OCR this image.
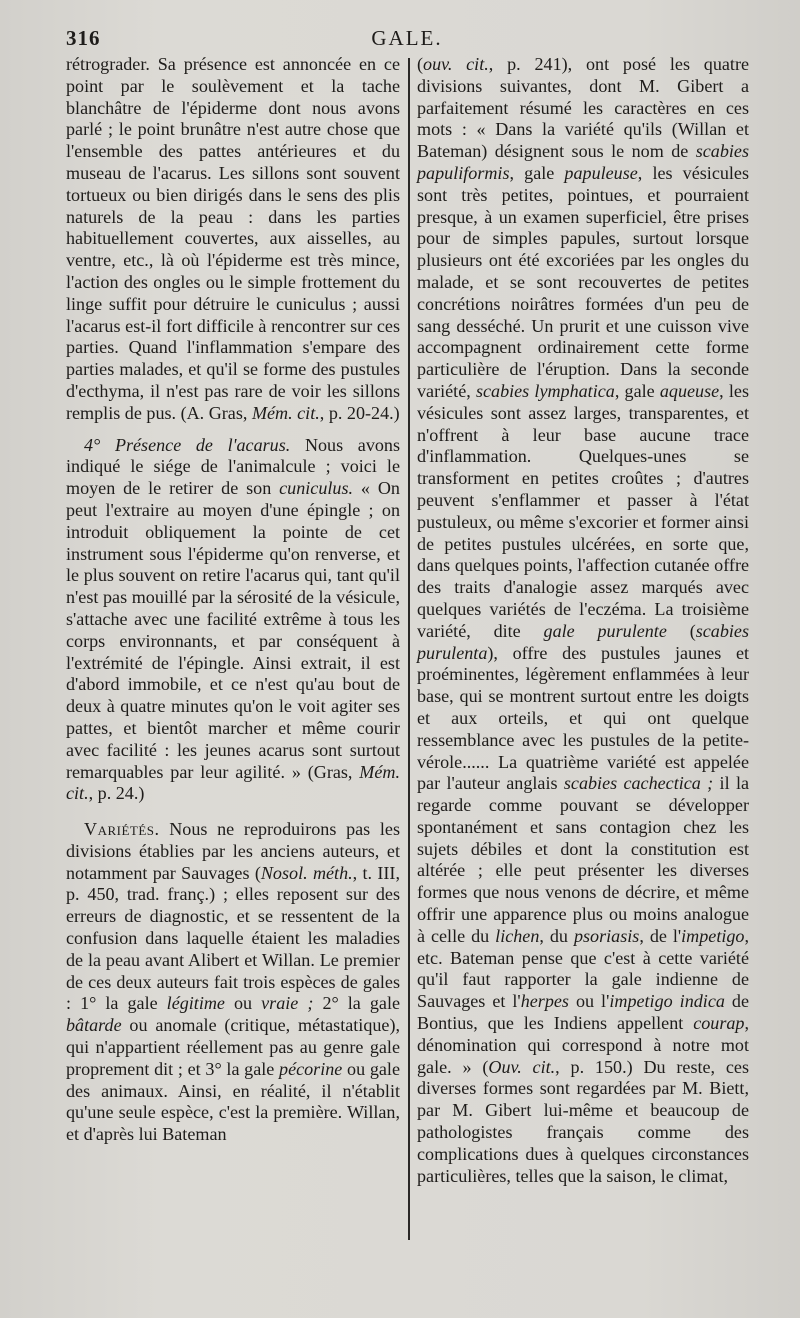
316	GALE.

rétrograder. Sa présence est annoncée en ce point par le soulèvement et la tache blanchâtre de l'épiderme dont nous avons parlé ; le point brunâtre n'est autre chose que l'ensemble des pattes antérieures et du museau de l'acarus. Les sillons sont souvent tortueux ou bien dirigés dans le sens des plis naturels de la peau : dans les parties habituellement couvertes, aux aisselles, au ventre, etc., là où l'épiderme est très mince, l'action des ongles ou le simple frottement du linge suffit pour détruire le cuniculus ; aussi l'acarus est-il fort difficile à rencontrer sur ces parties. Quand l'inflammation s'empare des parties malades, et qu'il se forme des pustules d'ecthyma, il n'est pas rare de voir les sillons remplis de pus. (A. Gras, Mém. cit., p. 20-24.)

4° Présence de l'acarus. Nous avons indiqué le siége de l'animalcule ; voici le moyen de le retirer de son cuniculus. « On peut l'extraire au moyen d'une épingle ; on introduit obliquement la pointe de cet instrument sous l'épiderme qu'on renverse, et le plus souvent on retire l'acarus qui, tant qu'il n'est pas mouillé par la sérosité de la vésicule, s'attache avec une facilité extrême à tous les corps environnants, et par conséquent à l'extrémité de l'épingle. Ainsi extrait, il est d'abord immobile, et ce n'est qu'au bout de deux à quatre minutes qu'on le voit agiter ses pattes, et bientôt marcher et même courir avec facilité : les jeunes acarus sont surtout remarquables par leur agilité. » (Gras, Mém. cit., p. 24.)

Variétés. Nous ne reproduirons pas les divisions établies par les anciens auteurs, et notamment par Sauvages (Nosol. méth., t. III, p. 450, trad. franç.) ; elles reposent sur des erreurs de diagnostic, et se ressentent de la confusion dans laquelle étaient les maladies de la peau avant Alibert et Willan. Le premier de ces deux auteurs fait trois espèces de gales : 1° la gale légitime ou vraie ; 2° la gale bâtarde ou anomale (critique, métastatique), qui n'appartient réellement pas au genre gale proprement dit ; et 3° la gale pécorine ou gale des animaux. Ainsi, en réalité, il n'établit qu'une seule espèce, c'est la première. Willan, et d'après lui Bateman

(ouv. cit., p. 241), ont posé les quatre divisions suivantes, dont M. Gibert a parfaitement résumé les caractères en ces mots : « Dans la variété qu'ils (Willan et Bateman) désignent sous le nom de scabies papuliformis, gale papuleuse, les vésicules sont très petites, pointues, et pourraient presque, à un examen superficiel, être prises pour de simples papules, surtout lorsque plusieurs ont été excoriées par les ongles du malade, et se sont recouvertes de petites concrétions noirâtres formées d'un peu de sang desséché. Un prurit et une cuisson vive accompagnent ordinairement cette forme particulière de l'éruption. Dans la seconde variété, scabies lymphatica, gale aqueuse, les vésicules sont assez larges, transparentes, et n'offrent à leur base aucune trace d'inflammation. Quelques-unes se transforment en petites croûtes ; d'autres peuvent s'enflammer et passer à l'état pustuleux, ou même s'excorier et former ainsi de petites pustules ulcérées, en sorte que, dans quelques points, l'affection cutanée offre des traits d'analogie assez marqués avec quelques variétés de l'eczéma. La troisième variété, dite gale purulente (scabies purulenta), offre des pustules jaunes et proéminentes, légèrement enflammées à leur base, qui se montrent surtout entre les doigts et aux orteils, et qui ont quelque ressemblance avec les pustules de la petite-vérole...... La quatrième variété est appelée par l'auteur anglais scabies cachectica ; il la regarde comme pouvant se développer spontanément et sans contagion chez les sujets débiles et dont la constitution est altérée ; elle peut présenter les diverses formes que nous venons de décrire, et même offrir une apparence plus ou moins analogue à celle du lichen, du psoriasis, de l'impetigo, etc. Bateman pense que c'est à cette variété qu'il faut rapporter la gale indienne de Sauvages et l'herpes ou l'impetigo indica de Bontius, que les Indiens appellent courap, dénomination qui correspond à notre mot gale. » (Ouv. cit., p. 150.) Du reste, ces diverses formes sont regardées par M. Biett, par M. Gibert lui-même et beaucoup de pathologistes français comme des complications dues à quelques circonstances particulières, telles que la saison, le climat,
